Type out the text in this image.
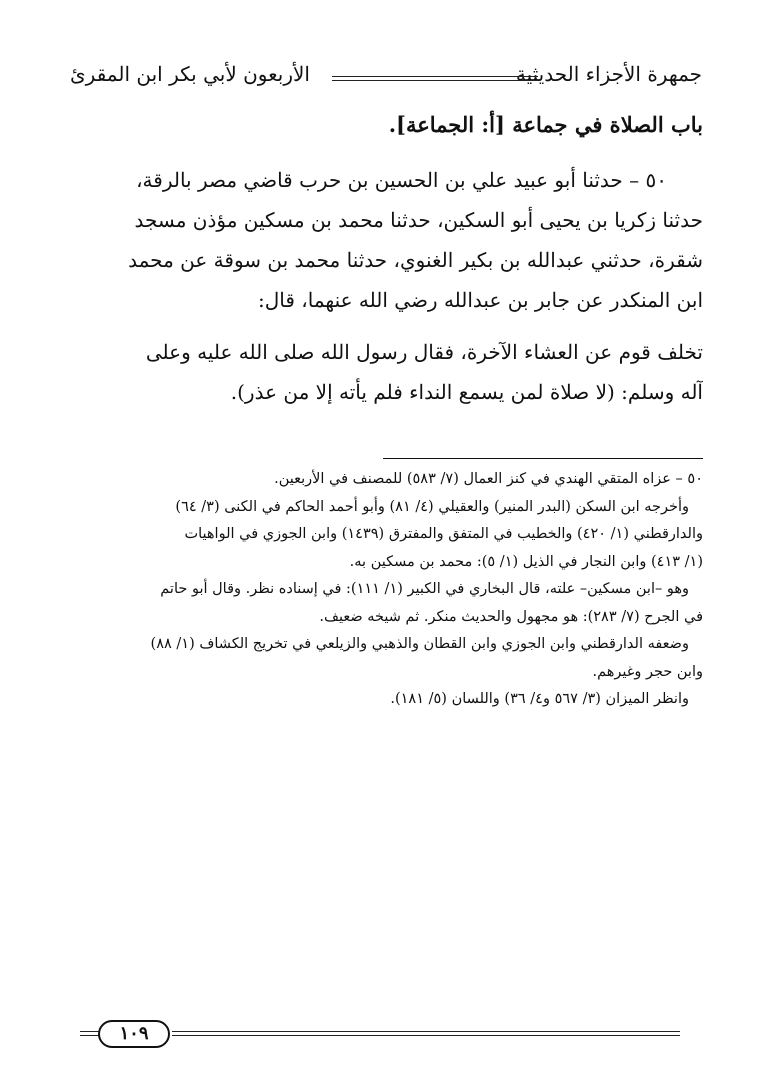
جمهرة الأجزاء الحديثية
الأربعون لأبي بكر ابن المقرئ
باب الصلاة في جماعة [أ: الجماعة].
٥٠ – حدثنا أبو عبيد علي بن الحسين بن حرب قاضي مصر بالرقة،
حدثنا زكريا بن يحيى أبو السكين، حدثنا محمد بن مسكين مؤذن مسجد
شقرة، حدثني عبدالله بن بكير الغنوي، حدثنا محمد بن سوقة عن محمد
ابن المنكدر عن جابر بن عبدالله رضي الله عنهما، قال:
تخلف قوم عن العشاء الآخرة، فقال رسول الله صلى الله عليه وعلى
آله وسلم: (لا صلاة لمن يسمع النداء فلم يأته إلا من عذر).
٥٠ – عزاه المتقي الهندي في كنز العمال (٧/ ٥٨٣) للمصنف في الأربعين.
وأخرجه ابن السكن (البدر المنير) والعقيلي (٤/ ٨١) وأبو أحمد الحاكم في الكنى (٣/ ٦٤)
والدارقطني (١/ ٤٢٠) والخطيب في المتفق والمفترق (١٤٣٩) وابن الجوزي في الواهيات
(١/ ٤١٣) وابن النجار في الذيل (١/ ٥): محمد بن مسكين به.
وهو –ابن مسكين– علته، قال البخاري في الكبير (١/ ١١١): في إسناده نظر. وقال أبو حاتم
في الجرح (٧/ ٢٨٣): هو مجهول والحديث منكر. ثم شيخه ضعيف.
وضعفه الدارقطني وابن الجوزي وابن القطان والذهبي والزيلعي في تخريج الكشاف (١/ ٨٨)
وابن حجر وغيرهم.
وانظر الميزان (٣/ ٥٦٧ و٤/ ٣٦) واللسان (٥/ ١٨١).
١٠٩
